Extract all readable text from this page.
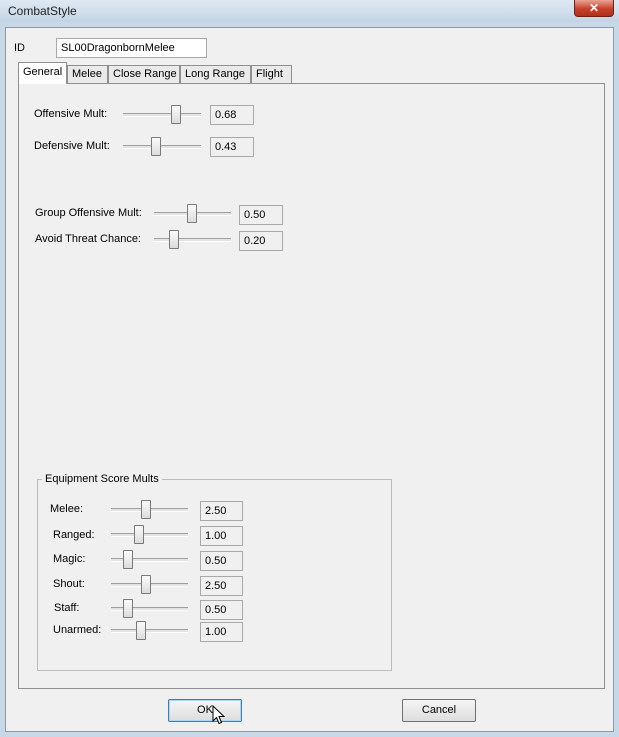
CombatStyle	✕
ID	SL00DragonbornMelee
General Melee	Close Range Long Range	Flight
Offensive Mult:	0.68
Defensive Mult:	0.43
Group Offensive Mult:	0.50
Avoid Threat Chance:	0.20
Equipment Score Mults
Melee:	2.50
Ranged:	1.00
Magic:	0.50
Shout:	2.50
Staff:	0.50
Unarmed:	1.00
OK	Cancel
